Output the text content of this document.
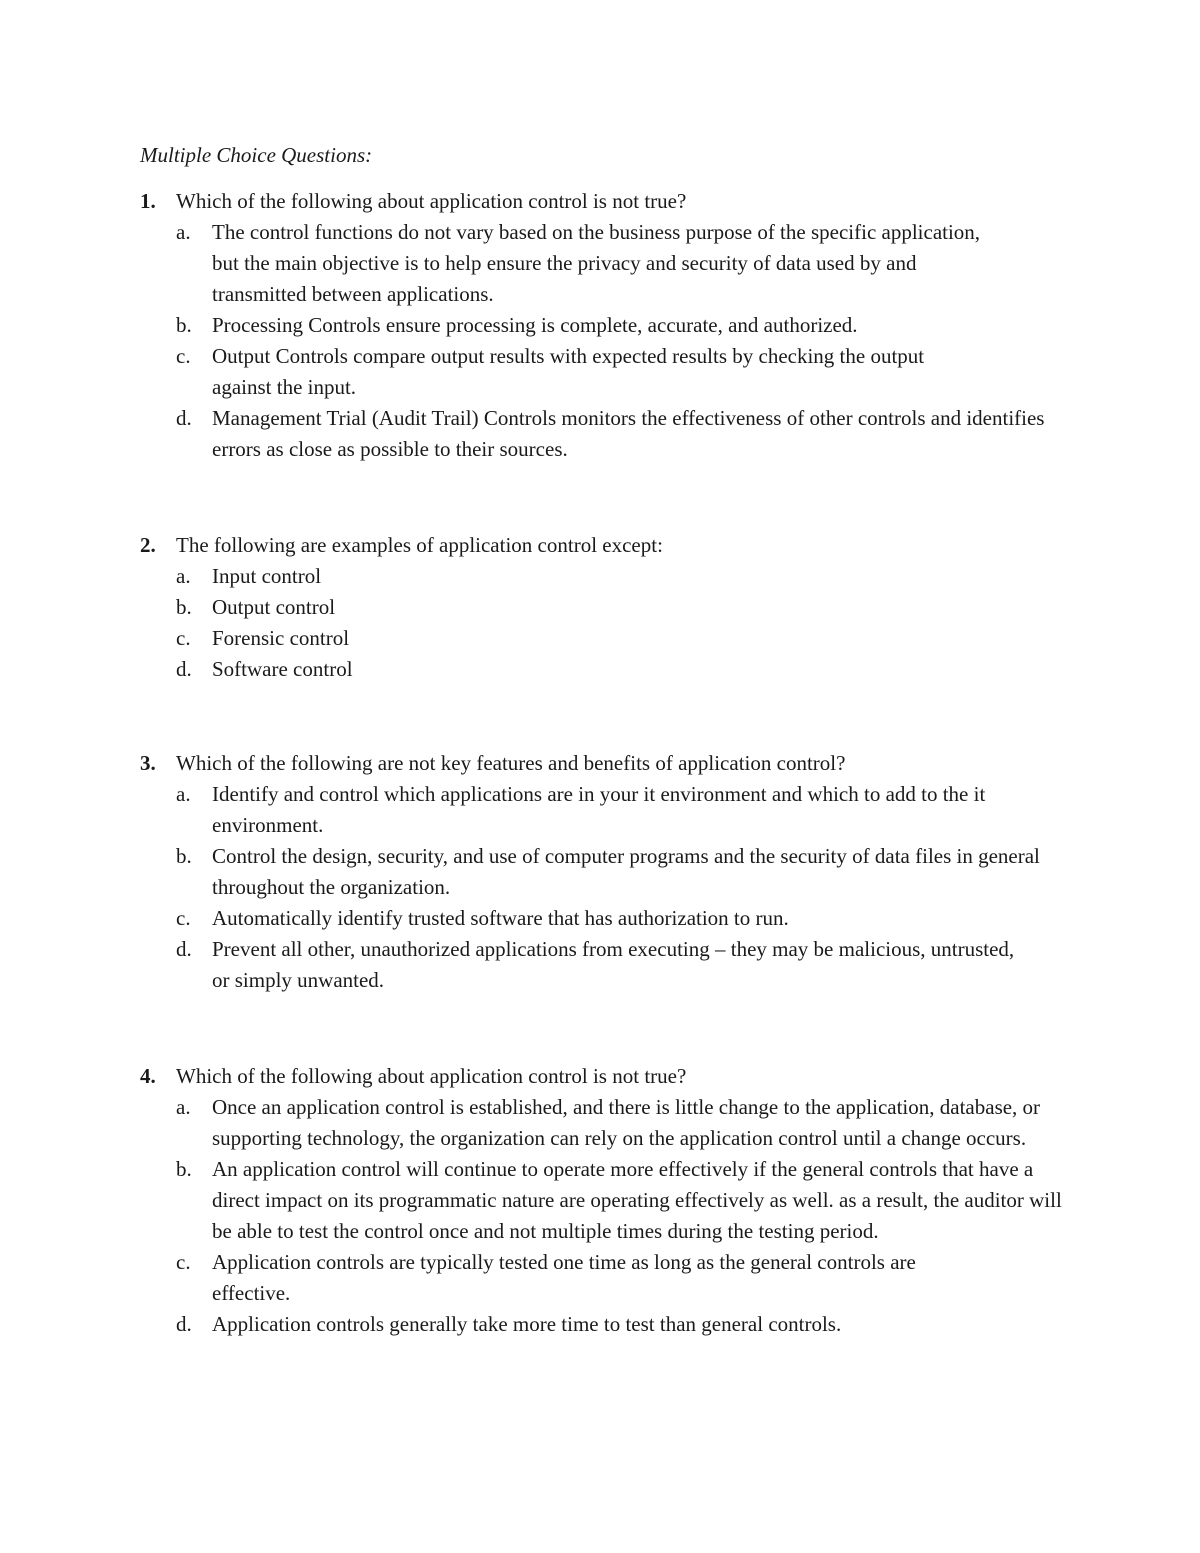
Multiple Choice Questions:
1. Which of the following about application control is not true?
a. The control functions do not vary based on the business purpose of the specific application, but the main objective is to help ensure the privacy and security of data used by and transmitted between applications.
b. Processing Controls ensure processing is complete, accurate, and authorized.
c. Output Controls compare output results with expected results by checking the output against the input.
d. Management Trial (Audit Trail) Controls monitors the effectiveness of other controls and identifies errors as close as possible to their sources.
2. The following are examples of application control except:
a. Input control
b. Output control
c. Forensic control
d. Software control
3. Which of the following are not key features and benefits of application control?
a. Identify and control which applications are in your it environment and which to add to the it environment.
b. Control the design, security, and use of computer programs and the security of data files in general throughout the organization.
c. Automatically identify trusted software that has authorization to run.
d. Prevent all other, unauthorized applications from executing – they may be malicious, untrusted, or simply unwanted.
4. Which of the following about application control is not true?
a. Once an application control is established, and there is little change to the application, database, or supporting technology, the organization can rely on the application control until a change occurs.
b. An application control will continue to operate more effectively if the general controls that have a direct impact on its programmatic nature are operating effectively as well. as a result, the auditor will be able to test the control once and not multiple times during the testing period.
c. Application controls are typically tested one time as long as the general controls are effective.
d. Application controls generally take more time to test than general controls.
